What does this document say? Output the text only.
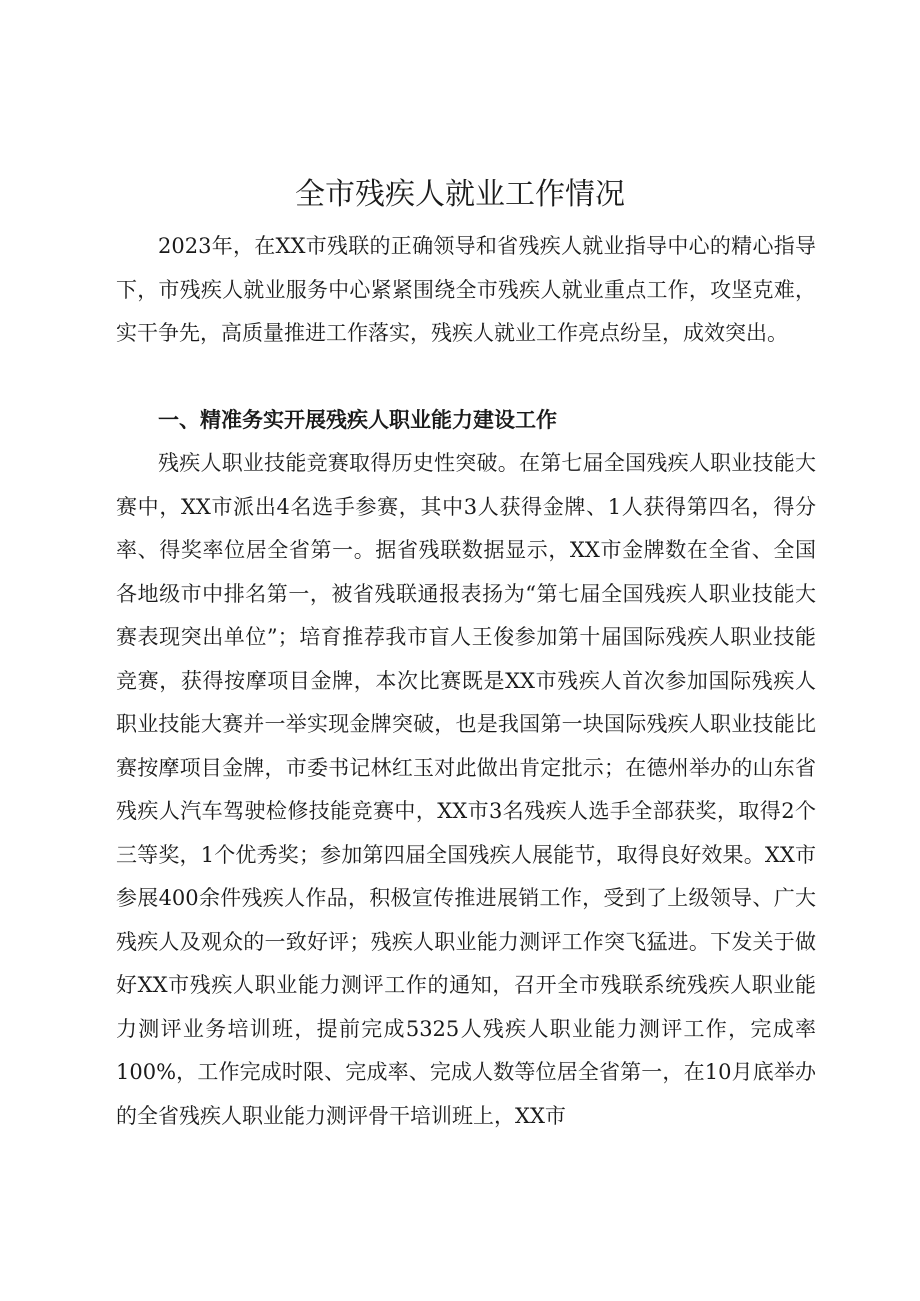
全市残疾人就业工作情况

2023年，在XX市残联的正确领导和省残疾人就业指导中心的精心指导下，市残疾人就业服务中心紧紧围绕全市残疾人就业重点工作，攻坚克难，实干争先，高质量推进工作落实，残疾人就业工作亮点纷呈，成效突出。

一、精准务实开展残疾人职业能力建设工作

残疾人职业技能竞赛取得历史性突破。在第七届全国残疾人职业技能大赛中，XX市派出4名选手参赛，其中3人获得金牌、1人获得第四名，得分率、得奖率位居全省第一。据省残联数据显示，XX市金牌数在全省、全国各地级市中排名第一，被省残联通报表扬为“第七届全国残疾人职业技能大赛表现突出单位”；培育推荐我市盲人王俊参加第十届国际残疾人职业技能竞赛，获得按摩项目金牌，本次比赛既是XX市残疾人首次参加国际残疾人职业技能大赛并一举实现金牌突破，也是我国第一块国际残疾人职业技能比赛按摩项目金牌，市委书记林红玉对此做出肯定批示；在德州举办的山东省残疾人汽车驾驶检修技能竞赛中，XX市3名残疾人选手全部获奖，取得2个三等奖，1个优秀奖；参加第四届全国残疾人展能节，取得良好效果。XX市参展400余件残疾人作品，积极宣传推进展销工作，受到了上级领导、广大残疾人及观众的一致好评；残疾人职业能力测评工作突飞猛进。下发关于做好XX市残疾人职业能力测评工作的通知，召开全市残联系统残疾人职业能力测评业务培训班，提前完成5325人残疾人职业能力测评工作，完成率100%，工作完成时限、完成率、完成人数等位居全省第一，在10月底举办的全省残疾人职业能力测评骨干培训班上，XX市
